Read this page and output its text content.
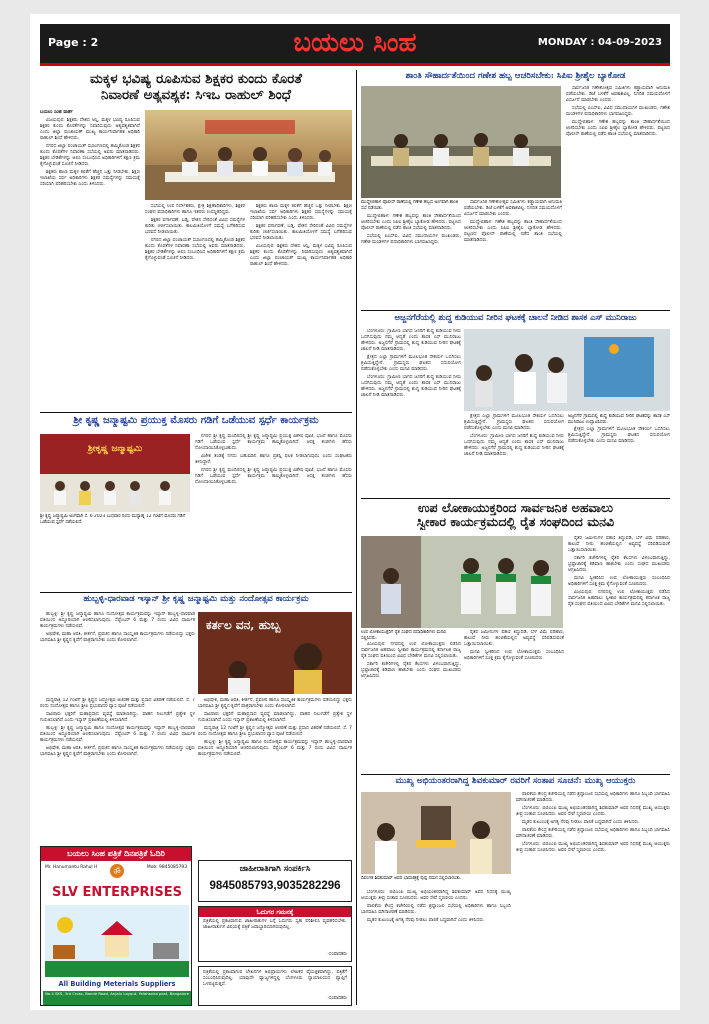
Page : 2	ಬಯಲು ಸಿಂಹ	MONDAY : 04-09-2023
ಮಕ್ಕಳ ಭವಿಷ್ಯ ರೂಪಿಸುವ ಶಿಕ್ಷಕರ ಕುಂದು ಕೊರತೆ
ನಿವಾರಣೆ ಅತ್ಯವಶ್ಯಕ: ಸಿಇಒ ರಾಹುಲ್ ಶಿಂಧೆ

ಬಯಲು ಸಿಂಹ ವಾರ್ತೆ

ವಿಜಯಪುರ: ಶಿಕ್ಷಕರು ದೇಶದ ಆಸ್ತಿ, ಮಕ್ಕಳ ಭವಿಷ್ಯ ರೂಪಿಸುವ ಶಿಕ್ಷಕರ ಕುಂದು ಕೊರತೆಗಳನ್ನು ನಿವಾರಿಸುವುದು ಅತ್ಯವಶ್ಯಕವಾಗಿದೆ ಎಂದು ಜಿಲ್ಲಾ ಪಂಚಾಯತ್ ಮುಖ್ಯ ಕಾರ್ಯನಿರ್ವಾಹಕ ಅಧಿಕಾರಿ ರಾಹುಲ್ ಶಿಂಧೆ ಹೇಳಿದರು.

ನಗರದ ಜಿಲ್ಲಾ ಪಂಚಾಯತ್ ಸಭಾಂಗಣದಲ್ಲಿ ಹಮ್ಮಿಕೊಂಡ ಶಿಕ್ಷಕರ ಕುಂದು ಕೊರತೆಗಳ ನಿವಾರಣಾ ಸಭೆಯಲ್ಲಿ ಅವರು ಮಾತನಾಡಿದರು. ಶಿಕ್ಷಕರ ಬೇಡಿಕೆಗಳನ್ನು ಆಲಿಸಿ ಸಂಬಂಧಿಸಿದ ಅಧಿಕಾರಿಗಳಿಗೆ ತಕ್ಷಣ ಕ್ರಮ ಕೈಗೊಳ್ಳುವಂತೆ ಸೂಚನೆ ನೀಡಿದರು.

ಶಿಕ್ಷಕರು ಶಾಲಾ ಮಕ್ಕಳ ಕಲಿಕೆಗೆ ಹೆಚ್ಚಿನ ಒತ್ತು ನೀಡಬೇಕು. ಶಿಕ್ಷಣ ಇಲಾಖೆಯ ಸರ್ವ ಅಧಿಕಾರಿಗಳು ಶಿಕ್ಷಕರ ಸಮಸ್ಯೆಗಳನ್ನು ಸಮಯಕ್ಕೆ ಸರಿಯಾಗಿ ಪರಿಹರಿಸಬೇಕು ಎಂದು ತಿಳಿಸಿದರು.

ಸಭೆಯಲ್ಲಿ ಉಪ ನಿರ್ದೇಶಕರು, ಕ್ಷೇತ್ರ ಶಿಕ್ಷಣಾಧಿಕಾರಿಗಳು, ಶಿಕ್ಷಕರ ಸಂಘದ ಪದಾಧಿಕಾರಿಗಳು ಹಾಗೂ ಇತರರು ಉಪಸ್ಥಿತರಿದ್ದರು.

ಶಿಕ್ಷಕರ ವರ್ಗಾವಣೆ, ಬಡ್ತಿ, ವೇತನ ಸೇರಿದಂತೆ ವಿವಿಧ ಸಮಸ್ಯೆಗಳ ಕುರಿತು ಚರ್ಚಿಸಲಾಯಿತು. ಕಾಲಮಿತಿಯೊಳಗೆ ಸಮಸ್ಯೆ ಬಗೆಹರಿಸುವ ಭರವಸೆ ನೀಡಲಾಯಿತು.

ನಗರದ ಜಿಲ್ಲಾ ಪಂಚಾಯತ್ ಸಭಾಂಗಣದಲ್ಲಿ ಹಮ್ಮಿಕೊಂಡ ಶಿಕ್ಷಕರ ಕುಂದು ಕೊರತೆಗಳ ನಿವಾರಣಾ ಸಭೆಯಲ್ಲಿ ಅವರು ಮಾತನಾಡಿದರು. ಶಿಕ್ಷಕರ ಬೇಡಿಕೆಗಳನ್ನು ಆಲಿಸಿ ಸಂಬಂಧಿಸಿದ ಅಧಿಕಾರಿಗಳಿಗೆ ತಕ್ಷಣ ಕ್ರಮ ಕೈಗೊಳ್ಳುವಂತೆ ಸೂಚನೆ ನೀಡಿದರು.

ಶಿಕ್ಷಕರು ಶಾಲಾ ಮಕ್ಕಳ ಕಲಿಕೆಗೆ ಹೆಚ್ಚಿನ ಒತ್ತು ನೀಡಬೇಕು. ಶಿಕ್ಷಣ ಇಲಾಖೆಯ ಸರ್ವ ಅಧಿಕಾರಿಗಳು ಶಿಕ್ಷಕರ ಸಮಸ್ಯೆಗಳನ್ನು ಸಮಯಕ್ಕೆ ಸರಿಯಾಗಿ ಪರಿಹರಿಸಬೇಕು ಎಂದು ತಿಳಿಸಿದರು.

ಶಿಕ್ಷಕರ ವರ್ಗಾವಣೆ, ಬಡ್ತಿ, ವೇತನ ಸೇರಿದಂತೆ ವಿವಿಧ ಸಮಸ್ಯೆಗಳ ಕುರಿತು ಚರ್ಚಿಸಲಾಯಿತು. ಕಾಲಮಿತಿಯೊಳಗೆ ಸಮಸ್ಯೆ ಬಗೆಹರಿಸುವ ಭರವಸೆ ನೀಡಲಾಯಿತು.

ವಿಜಯಪುರ: ಶಿಕ್ಷಕರು ದೇಶದ ಆಸ್ತಿ, ಮಕ್ಕಳ ಭವಿಷ್ಯ ರೂಪಿಸುವ ಶಿಕ್ಷಕರ ಕುಂದು ಕೊರತೆಗಳನ್ನು ನಿವಾರಿಸುವುದು ಅತ್ಯವಶ್ಯಕವಾಗಿದೆ ಎಂದು ಜಿಲ್ಲಾ ಪಂಚಾಯತ್ ಮುಖ್ಯ ಕಾರ್ಯನಿರ್ವಾಹಕ ಅಧಿಕಾರಿ ರಾಹುಲ್ ಶಿಂಧೆ ಹೇಳಿದರು.

ಶ್ರೀ ಕೃಷ್ಣ ಜನ್ಮಾಷ್ಟಮಿ ಪ್ರಯುಕ್ತ ಮೊಸರು ಗಡಿಗೆ ಒಡೆಯುವ ಸ್ಪರ್ಧೆ ಕಾರ್ಯಕ್ರಮ
ಶ್ರೀಕೃಷ್ಣ ಜನ್ಮಾಷ್ಟಮಿ
ಶ್ರೀ ಕೃಷ್ಣ ಜನ್ಮಾಷ್ಟಮಿ ಅಂಗವಾಗಿ ಸೆ. 6 2023 ಬುಧವಾರ ರಂದು ಮಧ್ಯಾಹ್ನ 12 ಗಂಟೆಗೆ ಮೊಸರು ಗಡಿಗೆ ಒಡೆಯುವ ಸ್ಪರ್ಧೆ ನಡೆಯಲಿದೆ.

ನಗರದ ಶ್ರೀ ಕೃಷ್ಣ ಮಂದಿರದಲ್ಲಿ ಶ್ರೀ ಕೃಷ್ಣ ಜನ್ಮಾಷ್ಟಮಿ ಪ್ರಯುಕ್ತ ವಿಶೇಷ ಪೂಜೆ, ಭಜನೆ ಹಾಗೂ ಮೊಸರು ಗಡಿಗೆ ಒಡೆಯುವ ಸ್ಪರ್ಧೆ ಕಾರ್ಯಕ್ರಮ ಹಮ್ಮಿಕೊಳ್ಳಲಾಗಿದೆ. ಆಸಕ್ತ ತಂಡಗಳು ಹೆಸರು ನೋಂದಾಯಿಸಿಕೊಳ್ಳಬಹುದು.

ವಿಜೇತ ತಂಡಕ್ಕೆ ನಗದು ಬಹುಮಾನ ಹಾಗೂ ಪ್ರಶಸ್ತಿ ಫಲಕ ನೀಡಲಾಗುವುದು ಎಂದು ಸಂಘಟಕರು ತಿಳಿಸಿದ್ದಾರೆ.

ನಗರದ ಶ್ರೀ ಕೃಷ್ಣ ಮಂದಿರದಲ್ಲಿ ಶ್ರೀ ಕೃಷ್ಣ ಜನ್ಮಾಷ್ಟಮಿ ಪ್ರಯುಕ್ತ ವಿಶೇಷ ಪೂಜೆ, ಭಜನೆ ಹಾಗೂ ಮೊಸರು ಗಡಿಗೆ ಒಡೆಯುವ ಸ್ಪರ್ಧೆ ಕಾರ್ಯಕ್ರಮ ಹಮ್ಮಿಕೊಳ್ಳಲಾಗಿದೆ. ಆಸಕ್ತ ತಂಡಗಳು ಹೆಸರು ನೋಂದಾಯಿಸಿಕೊಳ್ಳಬಹುದು.

ಹುಬ್ಬಳ್ಳಿ-ಧಾರವಾಡ ಇಸ್ಕಾನ್ ಶ್ರೀ ಕೃಷ್ಣ ಜನ್ಮಾಷ್ಟಮಿ ಮತ್ತು ನಂದೋತ್ಸವ ಕಾರ್ಯಕ್ರಮ

ಹುಬ್ಬಳ್ಳಿ: ಶ್ರೀ ಕೃಷ್ಣ ಜನ್ಮಾಷ್ಟಮಿ ಹಾಗೂ ನಂದೋತ್ಸವ ಕಾರ್ಯಕ್ರಮವನ್ನು ಇಸ್ಕಾನ್ ಹುಬ್ಬಳ್ಳಿ-ಧಾರವಾಡ ವತಿಯಿಂದ ಅದ್ದೂರಿಯಾಗಿ ಆಚರಿಸಲಾಗುವುದು. ಸೆಪ್ಟೆಂಬರ್ 6 ಮತ್ತು 7 ರಂದು ವಿವಿಧ ಧಾರ್ಮಿಕ ಕಾರ್ಯಕ್ರಮಗಳು ನಡೆಯಲಿವೆ.

ಅಭಿಷೇಕ, ಮಹಾ ಆರತಿ, ಕೀರ್ತನೆ, ಪ್ರವಚನ ಹಾಗೂ ಸಾಂಸ್ಕೃತಿಕ ಕಾರ್ಯಕ್ರಮಗಳು ನಡೆಯಲಿದ್ದು ಭಕ್ತರು ಭಾಗವಹಿಸಿ ಶ್ರೀ ಕೃಷ್ಣನ ಕೃಪೆಗೆ ಪಾತ್ರರಾಗಬೇಕು ಎಂದು ಕೋರಲಾಗಿದೆ.

ಕರ್ತಲ ವನ, ಹುಬ್ಬ

ಮಧ್ಯರಾತ್ರಿ 12 ಗಂಟೆಗೆ ಶ್ರೀ ಕೃಷ್ಣನ ಜನ್ಮೋತ್ಸವ ಆಚರಣೆ ಮತ್ತು ಪ್ರಸಾದ ವಿತರಣೆ ನಡೆಯಲಿದೆ. ಸೆ. 7 ರಂದು ನಂದೋತ್ಸವ ಹಾಗೂ ಶ್ರೀಲ ಪ್ರಭುಪಾದರ ವ್ಯಾಸ ಪೂಜೆ ನಡೆಯಲಿದೆ.

ಸಾವಿರಾರು ಭಕ್ತರಿಗೆ ಮಹಾಪ್ರಸಾದ ವ್ಯವಸ್ಥೆ ಮಾಡಲಾಗಿದ್ದು, ವಾಹನ ನಿಲುಗಡೆಗೆ ಪ್ರತ್ಯೇಕ ಸ್ಥಳ ಗುರುತಿಸಲಾಗಿದೆ ಎಂದು ಇಸ್ಕಾನ್ ಪ್ರಕಟಣೆಯಲ್ಲಿ ತಿಳಿಸಲಾಗಿದೆ.

ಹುಬ್ಬಳ್ಳಿ: ಶ್ರೀ ಕೃಷ್ಣ ಜನ್ಮಾಷ್ಟಮಿ ಹಾಗೂ ನಂದೋತ್ಸವ ಕಾರ್ಯಕ್ರಮವನ್ನು ಇಸ್ಕಾನ್ ಹುಬ್ಬಳ್ಳಿ-ಧಾರವಾಡ ವತಿಯಿಂದ ಅದ್ದೂರಿಯಾಗಿ ಆಚರಿಸಲಾಗುವುದು. ಸೆಪ್ಟೆಂಬರ್ 6 ಮತ್ತು 7 ರಂದು ವಿವಿಧ ಧಾರ್ಮಿಕ ಕಾರ್ಯಕ್ರಮಗಳು ನಡೆಯಲಿವೆ.

ಅಭಿಷೇಕ, ಮಹಾ ಆರತಿ, ಕೀರ್ತನೆ, ಪ್ರವಚನ ಹಾಗೂ ಸಾಂಸ್ಕೃತಿಕ ಕಾರ್ಯಕ್ರಮಗಳು ನಡೆಯಲಿದ್ದು ಭಕ್ತರು ಭಾಗವಹಿಸಿ ಶ್ರೀ ಕೃಷ್ಣನ ಕೃಪೆಗೆ ಪಾತ್ರರಾಗಬೇಕು ಎಂದು ಕೋರಲಾಗಿದೆ.

ಅಭಿಷೇಕ, ಮಹಾ ಆರತಿ, ಕೀರ್ತನೆ, ಪ್ರವಚನ ಹಾಗೂ ಸಾಂಸ್ಕೃತಿಕ ಕಾರ್ಯಕ್ರಮಗಳು ನಡೆಯಲಿದ್ದು ಭಕ್ತರು ಭಾಗವಹಿಸಿ ಶ್ರೀ ಕೃಷ್ಣನ ಕೃಪೆಗೆ ಪಾತ್ರರಾಗಬೇಕು ಎಂದು ಕೋರಲಾಗಿದೆ.

ಸಾವಿರಾರು ಭಕ್ತರಿಗೆ ಮಹಾಪ್ರಸಾದ ವ್ಯವಸ್ಥೆ ಮಾಡಲಾಗಿದ್ದು, ವಾಹನ ನಿಲುಗಡೆಗೆ ಪ್ರತ್ಯೇಕ ಸ್ಥಳ ಗುರುತಿಸಲಾಗಿದೆ ಎಂದು ಇಸ್ಕಾನ್ ಪ್ರಕಟಣೆಯಲ್ಲಿ ತಿಳಿಸಲಾಗಿದೆ.

ಮಧ್ಯರಾತ್ರಿ 12 ಗಂಟೆಗೆ ಶ್ರೀ ಕೃಷ್ಣನ ಜನ್ಮೋತ್ಸವ ಆಚರಣೆ ಮತ್ತು ಪ್ರಸಾದ ವಿತರಣೆ ನಡೆಯಲಿದೆ. ಸೆ. 7 ರಂದು ನಂದೋತ್ಸವ ಹಾಗೂ ಶ್ರೀಲ ಪ್ರಭುಪಾದರ ವ್ಯಾಸ ಪೂಜೆ ನಡೆಯಲಿದೆ.

ಹುಬ್ಬಳ್ಳಿ: ಶ್ರೀ ಕೃಷ್ಣ ಜನ್ಮಾಷ್ಟಮಿ ಹಾಗೂ ನಂದೋತ್ಸವ ಕಾರ್ಯಕ್ರಮವನ್ನು ಇಸ್ಕಾನ್ ಹುಬ್ಬಳ್ಳಿ-ಧಾರವಾಡ ವತಿಯಿಂದ ಅದ್ದೂರಿಯಾಗಿ ಆಚರಿಸಲಾಗುವುದು. ಸೆಪ್ಟೆಂಬರ್ 6 ಮತ್ತು 7 ರಂದು ವಿವಿಧ ಧಾರ್ಮಿಕ ಕಾರ್ಯಕ್ರಮಗಳು ನಡೆಯಲಿವೆ.

ಬಯಲು ಸಿಂಹ ಪತ್ರಿಕೆ ದಿನಪತ್ರಿಕೆ ಓದಿರಿ
Mr. Hanumantu Rahul H	Mob: 9845085793
ॐ
SLV ENTERPRISES
All Building Meterials Suppliers
No.4 SKS, 3rd Cross, Bande Road, Anjalu Layout, Yelahanka post, Bangalore
ಜಾಹೀರಾತಿಗಾಗಿ ಸಂಪರ್ಕಿಸಿ
9845085793,9035282296
ಓದುಗರ ಗಮನಕ್ಕೆ
ಪತ್ರಿಕೆಯಲ್ಲಿ ಪ್ರಕಟವಾಗುವ ಜಾಹೀರಾತುಗಳ ಬಗ್ಗೆ ಓದುಗರು ಸ್ವತಃ ಪರಿಶೀಲಿಸಿ ವ್ಯವಹರಿಸಬೇಕು. ಜಾಹೀರಾತುಗಳ ವಿಷಯಕ್ಕೆ ಪತ್ರಿಕೆ ಜವಾಬ್ದಾರಿಯಾಗಿರುವುದಿಲ್ಲ.
-ಸಂಪಾದಕರು
ಪತ್ರಿಕೆಯಲ್ಲಿ ಪ್ರಕಟವಾಗುವ ಲೇಖನಗಳ ಅಭಿಪ್ರಾಯಗಳು ಲೇಖಕರ ವೈಯಕ್ತಿಕವಾಗಿದ್ದು, ಪತ್ರಿಕೆಗೆ ಸಂಬಂಧಿಸಿರುವುದಿಲ್ಲ. ಯಾವುದೇ ವ್ಯಾಜ್ಯಗಳಿದ್ದಲ್ಲಿ ಬೆಂಗಳೂರು ನ್ಯಾಯಾಲಯದ ವ್ಯಾಪ್ತಿಗೆ ಒಳಪಟ್ಟಿರುತ್ತದೆ.
-ಸಂಪಾದಕರು
ಶಾಂತಿ ಸೌಹಾರ್ದತೆಯಿಂದ ಗಣೇಶ ಹಬ್ಬ ಆಚರಿಸಬೇಕು: ಸಿಪಿಐ ಶ್ರೀಶೈಲ ಬ್ಯಾಕೋಡ

ಸಾರ್ವಜನಿಕ ಗಣೇಶೋತ್ಸವ ಸಮಿತಿಗಳು ಕಡ್ಡಾಯವಾಗಿ ಅನುಮತಿ ಪಡೆಯಬೇಕು. ಡಿಜೆ ಬಳಕೆಗೆ ಅವಕಾಶವಿಲ್ಲ. ನಿಗದಿತ ಸಮಯದೊಳಗೆ ವಿಸರ್ಜನೆ ಮಾಡಬೇಕು ಎಂದರು.

ಸಭೆಯಲ್ಲಿ ಪಿಎಸ್ಐ, ವಿವಿಧ ಸಮುದಾಯಗಳ ಮುಖಂಡರು, ಗಣೇಶ ಮಂಡಳಿಗಳ ಪದಾಧಿಕಾರಿಗಳು ಭಾಗವಹಿಸಿದ್ದರು.

ಮುದ್ದೇಬಿಹಾಳ: ಗಣೇಶ ಹಬ್ಬವನ್ನು ಶಾಂತಿ ಸೌಹಾರ್ದತೆಯಿಂದ ಆಚರಿಸಬೇಕು ಎಂದು ಸಿಪಿಐ ಶ್ರೀಶೈಲ ಬ್ಯಾಕೋಡ ಹೇಳಿದರು. ಪಟ್ಟಣದ ಪೊಲೀಸ್ ಠಾಣೆಯಲ್ಲಿ ನಡೆದ ಶಾಂತಿ ಸಭೆಯಲ್ಲಿ ಮಾತನಾಡಿದರು.

ಮುದ್ದೇಬಿಹಾಳ ಪೊಲೀಸ್ ಠಾಣೆಯಲ್ಲಿ ಗಣೇಶ ಹಬ್ಬದ ಅಂಗವಾಗಿ ಶಾಂತಿ ಸಭೆ ನಡೆಯಿತು.

ಮುದ್ದೇಬಿಹಾಳ: ಗಣೇಶ ಹಬ್ಬವನ್ನು ಶಾಂತಿ ಸೌಹಾರ್ದತೆಯಿಂದ ಆಚರಿಸಬೇಕು ಎಂದು ಸಿಪಿಐ ಶ್ರೀಶೈಲ ಬ್ಯಾಕೋಡ ಹೇಳಿದರು. ಪಟ್ಟಣದ ಪೊಲೀಸ್ ಠಾಣೆಯಲ್ಲಿ ನಡೆದ ಶಾಂತಿ ಸಭೆಯಲ್ಲಿ ಮಾತನಾಡಿದರು.

ಸಭೆಯಲ್ಲಿ ಪಿಎಸ್ಐ, ವಿವಿಧ ಸಮುದಾಯಗಳ ಮುಖಂಡರು, ಗಣೇಶ ಮಂಡಳಿಗಳ ಪದಾಧಿಕಾರಿಗಳು ಭಾಗವಹಿಸಿದ್ದರು.

ಸಾರ್ವಜನಿಕ ಗಣೇಶೋತ್ಸವ ಸಮಿತಿಗಳು ಕಡ್ಡಾಯವಾಗಿ ಅನುಮತಿ ಪಡೆಯಬೇಕು. ಡಿಜೆ ಬಳಕೆಗೆ ಅವಕಾಶವಿಲ್ಲ. ನಿಗದಿತ ಸಮಯದೊಳಗೆ ವಿಸರ್ಜನೆ ಮಾಡಬೇಕು ಎಂದರು.

ಮುದ್ದೇಬಿಹಾಳ: ಗಣೇಶ ಹಬ್ಬವನ್ನು ಶಾಂತಿ ಸೌಹಾರ್ದತೆಯಿಂದ ಆಚರಿಸಬೇಕು ಎಂದು ಸಿಪಿಐ ಶ್ರೀಶೈಲ ಬ್ಯಾಕೋಡ ಹೇಳಿದರು. ಪಟ್ಟಣದ ಪೊಲೀಸ್ ಠಾಣೆಯಲ್ಲಿ ನಡೆದ ಶಾಂತಿ ಸಭೆಯಲ್ಲಿ ಮಾತನಾಡಿದರು.

ಅಜ್ಜನಗೆರೆಯಲ್ಲಿ ಶುದ್ಧ ಕುಡಿಯುವ ನೀರಿನ ಘಟಕಕ್ಕೆ ಚಾಲನೆ ನೀಡಿದ ಶಾಸಕ ಎಸ್ ಮುನಿರಾಜು

ಬೆಂಗಳೂರು: ಗ್ರಾಮೀಣ ಭಾಗದ ಜನರಿಗೆ ಶುದ್ಧ ಕುಡಿಯುವ ನೀರು ಒದಗಿಸುವುದು ನಮ್ಮ ಆದ್ಯತೆ ಎಂದು ಶಾಸಕ ಎಸ್ ಮುನಿರಾಜು ಹೇಳಿದರು. ಅಜ್ಜನಗೆರೆ ಗ್ರಾಮದಲ್ಲಿ ಶುದ್ಧ ಕುಡಿಯುವ ನೀರಿನ ಘಟಕಕ್ಕೆ ಚಾಲನೆ ನೀಡಿ ಮಾತನಾಡಿದರು.

ಕ್ಷೇತ್ರದ ಎಲ್ಲಾ ಗ್ರಾಮಗಳಿಗೆ ಮೂಲಭೂತ ಸೌಕರ್ಯ ಒದಗಿಸಲು ಶ್ರಮಿಸುತ್ತಿದ್ದೇನೆ. ಗ್ರಾಮಸ್ಥರು ಘಟಕದ ಸದುಪಯೋಗ ಪಡೆದುಕೊಳ್ಳಬೇಕು ಎಂದು ಮನವಿ ಮಾಡಿದರು.

ಬೆಂಗಳೂರು: ಗ್ರಾಮೀಣ ಭಾಗದ ಜನರಿಗೆ ಶುದ್ಧ ಕುಡಿಯುವ ನೀರು ಒದಗಿಸುವುದು ನಮ್ಮ ಆದ್ಯತೆ ಎಂದು ಶಾಸಕ ಎಸ್ ಮುನಿರಾಜು ಹೇಳಿದರು. ಅಜ್ಜನಗೆರೆ ಗ್ರಾಮದಲ್ಲಿ ಶುದ್ಧ ಕುಡಿಯುವ ನೀರಿನ ಘಟಕಕ್ಕೆ ಚಾಲನೆ ನೀಡಿ ಮಾತನಾಡಿದರು.

ಕ್ಷೇತ್ರದ ಎಲ್ಲಾ ಗ್ರಾಮಗಳಿಗೆ ಮೂಲಭೂತ ಸೌಕರ್ಯ ಒದಗಿಸಲು ಶ್ರಮಿಸುತ್ತಿದ್ದೇನೆ. ಗ್ರಾಮಸ್ಥರು ಘಟಕದ ಸದುಪಯೋಗ ಪಡೆದುಕೊಳ್ಳಬೇಕು ಎಂದು ಮನವಿ ಮಾಡಿದರು.

ಬೆಂಗಳೂರು: ಗ್ರಾಮೀಣ ಭಾಗದ ಜನರಿಗೆ ಶುದ್ಧ ಕುಡಿಯುವ ನೀರು ಒದಗಿಸುವುದು ನಮ್ಮ ಆದ್ಯತೆ ಎಂದು ಶಾಸಕ ಎಸ್ ಮುನಿರಾಜು ಹೇಳಿದರು. ಅಜ್ಜನಗೆರೆ ಗ್ರಾಮದಲ್ಲಿ ಶುದ್ಧ ಕುಡಿಯುವ ನೀರಿನ ಘಟಕಕ್ಕೆ ಚಾಲನೆ ನೀಡಿ ಮಾತನಾಡಿದರು.

ಅಜ್ಜನಗೆರೆ ಗ್ರಾಮದಲ್ಲಿ ಶುದ್ಧ ಕುಡಿಯುವ ನೀರಿನ ಘಟಕವನ್ನು ಶಾಸಕ ಎಸ್ ಮುನಿರಾಜು ಉದ್ಘಾಟಿಸಿದರು.

ಕ್ಷೇತ್ರದ ಎಲ್ಲಾ ಗ್ರಾಮಗಳಿಗೆ ಮೂಲಭೂತ ಸೌಕರ್ಯ ಒದಗಿಸಲು ಶ್ರಮಿಸುತ್ತಿದ್ದೇನೆ. ಗ್ರಾಮಸ್ಥರು ಘಟಕದ ಸದುಪಯೋಗ ಪಡೆದುಕೊಳ್ಳಬೇಕು ಎಂದು ಮನವಿ ಮಾಡಿದರು.

ಉಪ ಲೋಕಾಯುಕ್ತರಿಂದ ಸಾರ್ವಜನಿಕ ಅಹವಾಲು
ಸ್ವೀಕಾರ ಕಾರ್ಯಕ್ರಮದಲ್ಲಿ ರೈತ ಸಂಘದಿಂದ ಮನವಿ

ರೈತರ ಜಮೀನುಗಳ ಪಹಣಿ ತಿದ್ದುಪಡಿ, ಬೆಳೆ ವಿಮೆ ಪರಿಹಾರ, ಕಾಲುವೆ ನೀರು ಹಂಚಿಕೆಯಲ್ಲಿನ ಅವ್ಯವಸ್ಥೆ ಸರಿಪಡಿಸುವಂತೆ ಒತ್ತಾಯಿಸಲಾಯಿತು.

ಸರ್ಕಾರಿ ಕಚೇರಿಗಳಲ್ಲಿ ರೈತರ ಕೆಲಸಗಳು ವಿಳಂಬವಾಗುತ್ತಿದ್ದು, ಭ್ರಷ್ಟಾಚಾರಕ್ಕೆ ಕಡಿವಾಣ ಹಾಕಬೇಕು ಎಂದು ಸಂಘದ ಮುಖಂಡರು ಆಗ್ರಹಿಸಿದರು.

ಮನವಿ ಸ್ವೀಕರಿಸಿದ ಉಪ ಲೋಕಾಯುಕ್ತರು ಸಂಬಂಧಿಸಿದ ಅಧಿಕಾರಿಗಳಿಗೆ ಸೂಕ್ತ ಕ್ರಮ ಕೈಗೊಳ್ಳುವಂತೆ ಸೂಚಿಸಿದರು.

ವಿಜಯಪುರ: ನಗರದಲ್ಲಿ ಉಪ ಲೋಕಾಯುಕ್ತರು ನಡೆಸಿದ ಸಾರ್ವಜನಿಕ ಅಹವಾಲು ಸ್ವೀಕಾರ ಕಾರ್ಯಕ್ರಮದಲ್ಲಿ ಕರ್ನಾಟಕ ರಾಜ್ಯ ರೈತ ಸಂಘದ ವತಿಯಿಂದ ವಿವಿಧ ಬೇಡಿಕೆಗಳ ಮನವಿ ಸಲ್ಲಿಸಲಾಯಿತು.

ಉಪ ಲೋಕಾಯುಕ್ತರಿಗೆ ರೈತ ಸಂಘದ ಪದಾಧಿಕಾರಿಗಳು ಮನವಿ ಸಲ್ಲಿಸಿದರು.

ವಿಜಯಪುರ: ನಗರದಲ್ಲಿ ಉಪ ಲೋಕಾಯುಕ್ತರು ನಡೆಸಿದ ಸಾರ್ವಜನಿಕ ಅಹವಾಲು ಸ್ವೀಕಾರ ಕಾರ್ಯಕ್ರಮದಲ್ಲಿ ಕರ್ನಾಟಕ ರಾಜ್ಯ ರೈತ ಸಂಘದ ವತಿಯಿಂದ ವಿವಿಧ ಬೇಡಿಕೆಗಳ ಮನವಿ ಸಲ್ಲಿಸಲಾಯಿತು.

ಸರ್ಕಾರಿ ಕಚೇರಿಗಳಲ್ಲಿ ರೈತರ ಕೆಲಸಗಳು ವಿಳಂಬವಾಗುತ್ತಿದ್ದು, ಭ್ರಷ್ಟಾಚಾರಕ್ಕೆ ಕಡಿವಾಣ ಹಾಕಬೇಕು ಎಂದು ಸಂಘದ ಮುಖಂಡರು ಆಗ್ರಹಿಸಿದರು.

ರೈತರ ಜಮೀನುಗಳ ಪಹಣಿ ತಿದ್ದುಪಡಿ, ಬೆಳೆ ವಿಮೆ ಪರಿಹಾರ, ಕಾಲುವೆ ನೀರು ಹಂಚಿಕೆಯಲ್ಲಿನ ಅವ್ಯವಸ್ಥೆ ಸರಿಪಡಿಸುವಂತೆ ಒತ್ತಾಯಿಸಲಾಯಿತು.

ಮನವಿ ಸ್ವೀಕರಿಸಿದ ಉಪ ಲೋಕಾಯುಕ್ತರು ಸಂಬಂಧಿಸಿದ ಅಧಿಕಾರಿಗಳಿಗೆ ಸೂಕ್ತ ಕ್ರಮ ಕೈಗೊಳ್ಳುವಂತೆ ಸೂಚಿಸಿದರು.

ಮುಖ್ಯ ಅಭಿಯಂತರರಾಗಿದ್ದ ಶಿವಕುಮಾರ್ ರವರಿಗೆ ಸಂತಾಪ ಸೂಚನೆ: ಮುಖ್ಯ ಆಯುಕ್ತರು
ದಿವಂಗತ ಶಿವಕುಮಾರ್ ಅವರ ಭಾವಚಿತ್ರಕ್ಕೆ ಪುಷ್ಪ ನಮನ ಸಲ್ಲಿಸಲಾಯಿತು.

ಬೆಂಗಳೂರು: ಬಿಬಿಎಂಪಿ ಮುಖ್ಯ ಅಭಿಯಂತರರಾಗಿದ್ದ ಶಿವಕುಮಾರ್ ಅವರ ನಿಧನಕ್ಕೆ ಮುಖ್ಯ ಆಯುಕ್ತರು ತೀವ್ರ ಸಂತಾಪ ಸೂಚಿಸಿದರು. ಅವರ ಸೇವೆ ಸ್ಮರಣೀಯ ಎಂದರು.

ಪಾಲಿಕೆಯ ಕೇಂದ್ರ ಕಚೇರಿಯಲ್ಲಿ ನಡೆದ ಶ್ರದ್ಧಾಂಜಲಿ ಸಭೆಯಲ್ಲಿ ಅಧಿಕಾರಿಗಳು ಹಾಗೂ ಸಿಬ್ಬಂದಿ ಭಾಗವಹಿಸಿ ಮೌನಾಚರಣೆ ಮಾಡಿದರು.

ಮೃತರ ಕುಟುಂಬಕ್ಕೆ ಅಗತ್ಯ ನೆರವು ನೀಡಲು ಪಾಲಿಕೆ ಬದ್ಧವಾಗಿದೆ ಎಂದು ತಿಳಿಸಿದರು.

ಪಾಲಿಕೆಯ ಕೇಂದ್ರ ಕಚೇರಿಯಲ್ಲಿ ನಡೆದ ಶ್ರದ್ಧಾಂಜಲಿ ಸಭೆಯಲ್ಲಿ ಅಧಿಕಾರಿಗಳು ಹಾಗೂ ಸಿಬ್ಬಂದಿ ಭಾಗವಹಿಸಿ ಮೌನಾಚರಣೆ ಮಾಡಿದರು.

ಬೆಂಗಳೂರು: ಬಿಬಿಎಂಪಿ ಮುಖ್ಯ ಅಭಿಯಂತರರಾಗಿದ್ದ ಶಿವಕುಮಾರ್ ಅವರ ನಿಧನಕ್ಕೆ ಮುಖ್ಯ ಆಯುಕ್ತರು ತೀವ್ರ ಸಂತಾಪ ಸೂಚಿಸಿದರು. ಅವರ ಸೇವೆ ಸ್ಮರಣೀಯ ಎಂದರು.

ಮೃತರ ಕುಟುಂಬಕ್ಕೆ ಅಗತ್ಯ ನೆರವು ನೀಡಲು ಪಾಲಿಕೆ ಬದ್ಧವಾಗಿದೆ ಎಂದು ತಿಳಿಸಿದರು.

ಪಾಲಿಕೆಯ ಕೇಂದ್ರ ಕಚೇರಿಯಲ್ಲಿ ನಡೆದ ಶ್ರದ್ಧಾಂಜಲಿ ಸಭೆಯಲ್ಲಿ ಅಧಿಕಾರಿಗಳು ಹಾಗೂ ಸಿಬ್ಬಂದಿ ಭಾಗವಹಿಸಿ ಮೌನಾಚರಣೆ ಮಾಡಿದರು.

ಬೆಂಗಳೂರು: ಬಿಬಿಎಂಪಿ ಮುಖ್ಯ ಅಭಿಯಂತರರಾಗಿದ್ದ ಶಿವಕುಮಾರ್ ಅವರ ನಿಧನಕ್ಕೆ ಮುಖ್ಯ ಆಯುಕ್ತರು ತೀವ್ರ ಸಂತಾಪ ಸೂಚಿಸಿದರು. ಅವರ ಸೇವೆ ಸ್ಮರಣೀಯ ಎಂದರು.
